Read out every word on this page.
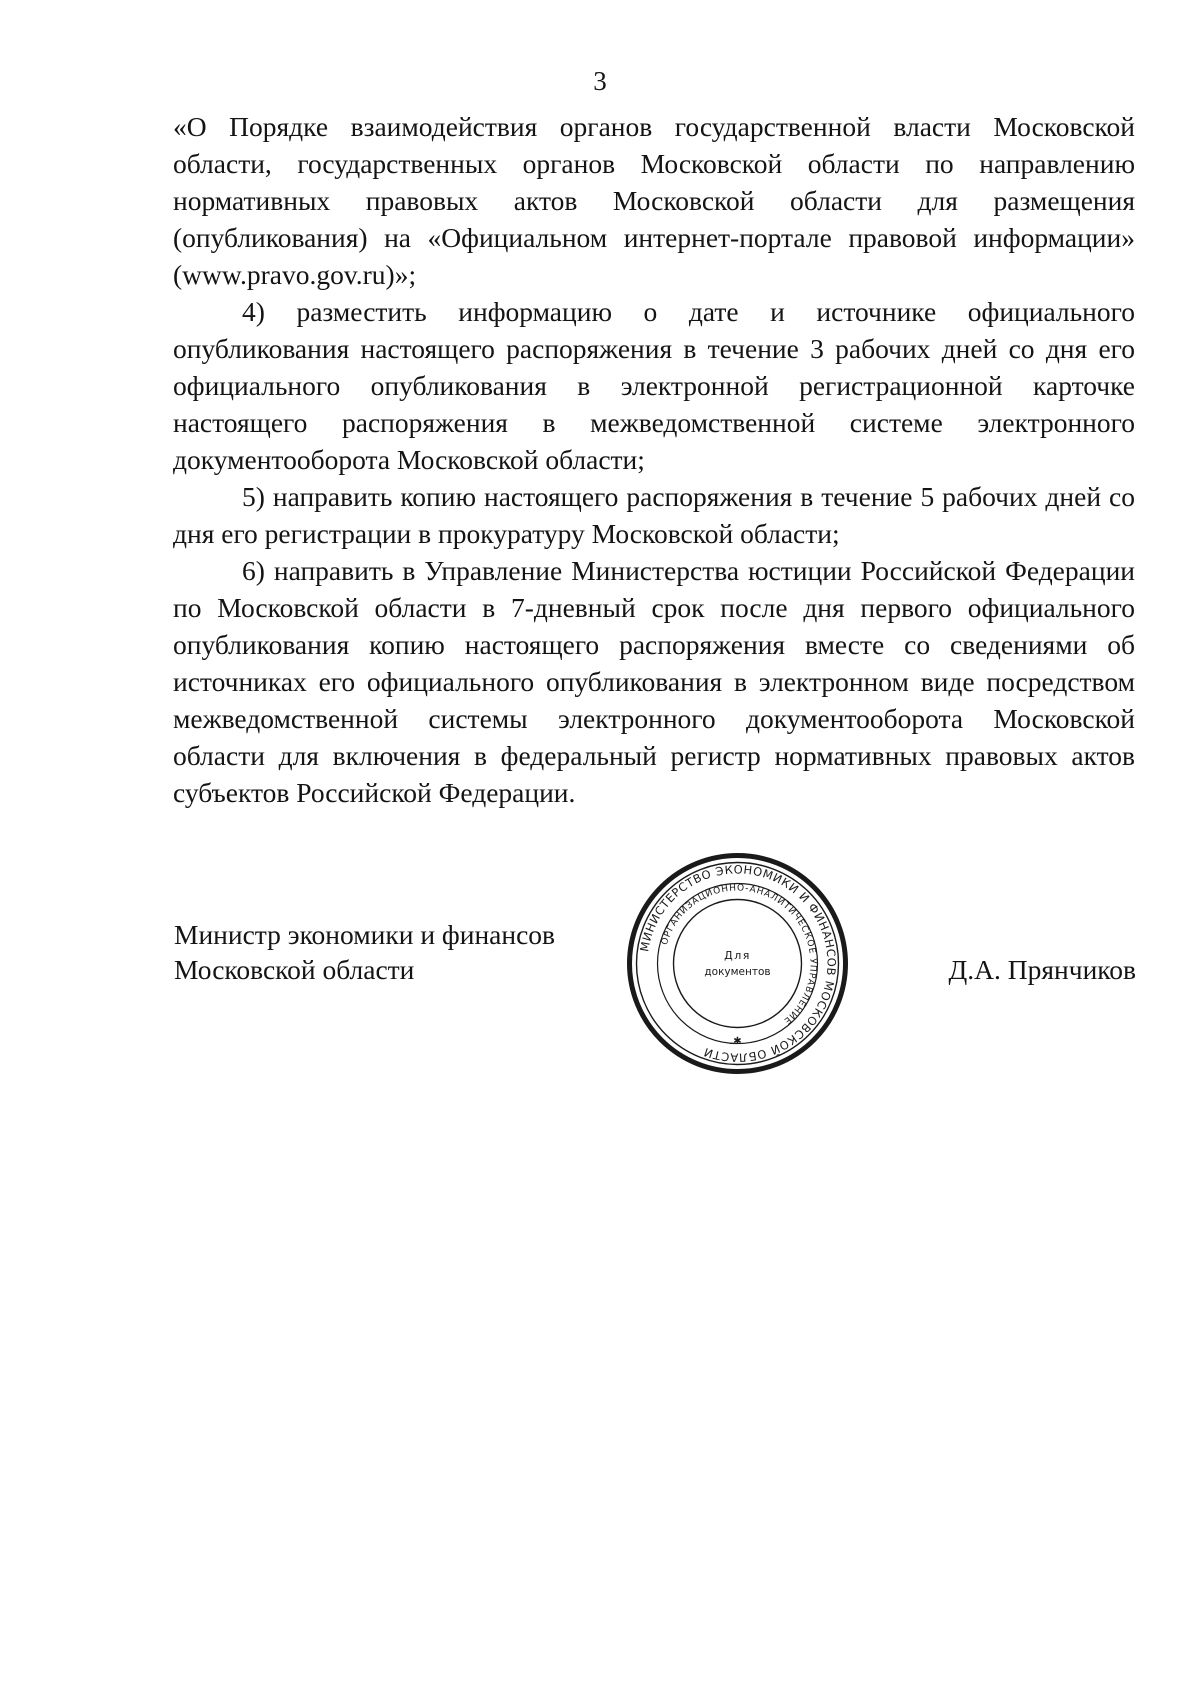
3

«О Порядке взаимодействия органов государственной власти Московской области, государственных органов Московской области по направлению нормативных правовых актов Московской области для размещения (опубликования) на «Официальном интернет-портале правовой информации» (www.pravo.gov.ru)»;

4) разместить информацию о дате и источнике официального опубликования настоящего распоряжения в течение 3 рабочих дней со дня его официального опубликования в электронной регистрационной карточке настоящего распоряжения в межведомственной системе электронного документооборота Московской области;

5) направить копию настоящего распоряжения в течение 5 рабочих дней со дня его регистрации в прокуратуру Московской области;

6) направить в Управление Министерства юстиции Российской Федерации по Московской области в 7-дневный срок после дня первого официального опубликования копию настоящего распоряжения вместе со сведениями об источниках его официального опубликования в электронном виде посредством межведомственной системы электронного документооборота Московской области для включения в федеральный регистр нормативных правовых актов субъектов Российской Федерации.

Министр экономики и финансов
Московской области
МИНИСТЕРСТВО ЭКОНОМИКИ И ФИНАНСОВ МОСКОВСКОЙ ОБЛАСТИ
ОРГАНИЗАЦИОННО-АНАЛИТИЧЕСКОЕ УПРАВЛЕНИЕ
Для
документов
✱
Д.А. Прянчиков
